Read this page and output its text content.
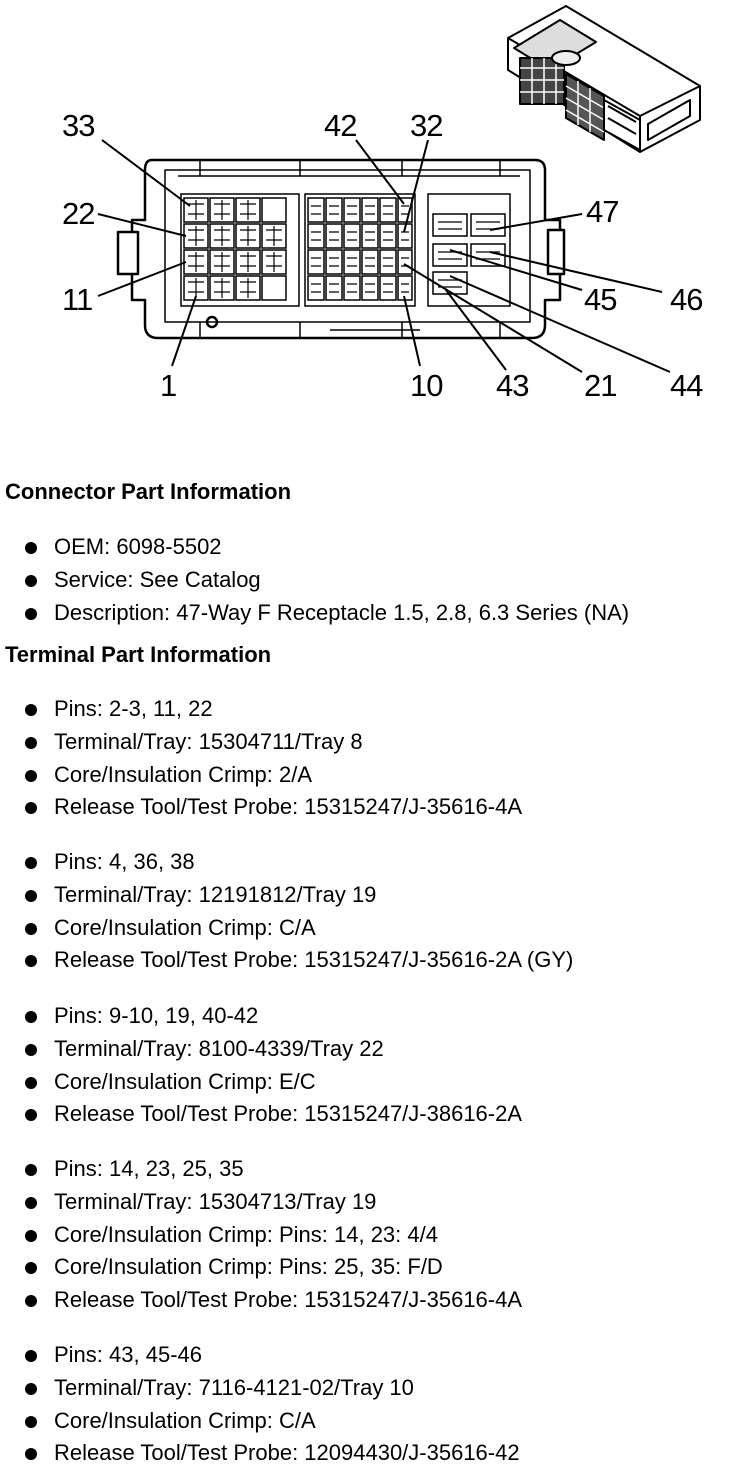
33	42 32
22
11
1	10
47
45 46
43 21 44
Connector Part Information
OEM: 6098-5502
Service: See Catalog
Description: 47-Way F Receptacle 1.5, 2.8, 6.3 Series (NA)
Terminal Part Information
Pins: 2-3, 11, 22
Terminal/Tray: 15304711/Tray 8
Core/Insulation Crimp: 2/A
Release Tool/Test Probe: 15315247/J-35616-4A
Pins: 4, 36, 38
Terminal/Tray: 12191812/Tray 19
Core/Insulation Crimp: C/A
Release Tool/Test Probe: 15315247/J-35616-2A (GY)
Pins: 9-10, 19, 40-42
Terminal/Tray: 8100-4339/Tray 22
Core/Insulation Crimp: E/C
Release Tool/Test Probe: 15315247/J-38616-2A
Pins: 14, 23, 25, 35
Terminal/Tray: 15304713/Tray 19
Core/Insulation Crimp: Pins: 14, 23: 4/4
Core/Insulation Crimp: Pins: 25, 35: F/D
Release Tool/Test Probe: 15315247/J-35616-4A
Pins: 43, 45-46
Terminal/Tray: 7116-4121-02/Tray 10
Core/Insulation Crimp: C/A
Release Tool/Test Probe: 12094430/J-35616-42
